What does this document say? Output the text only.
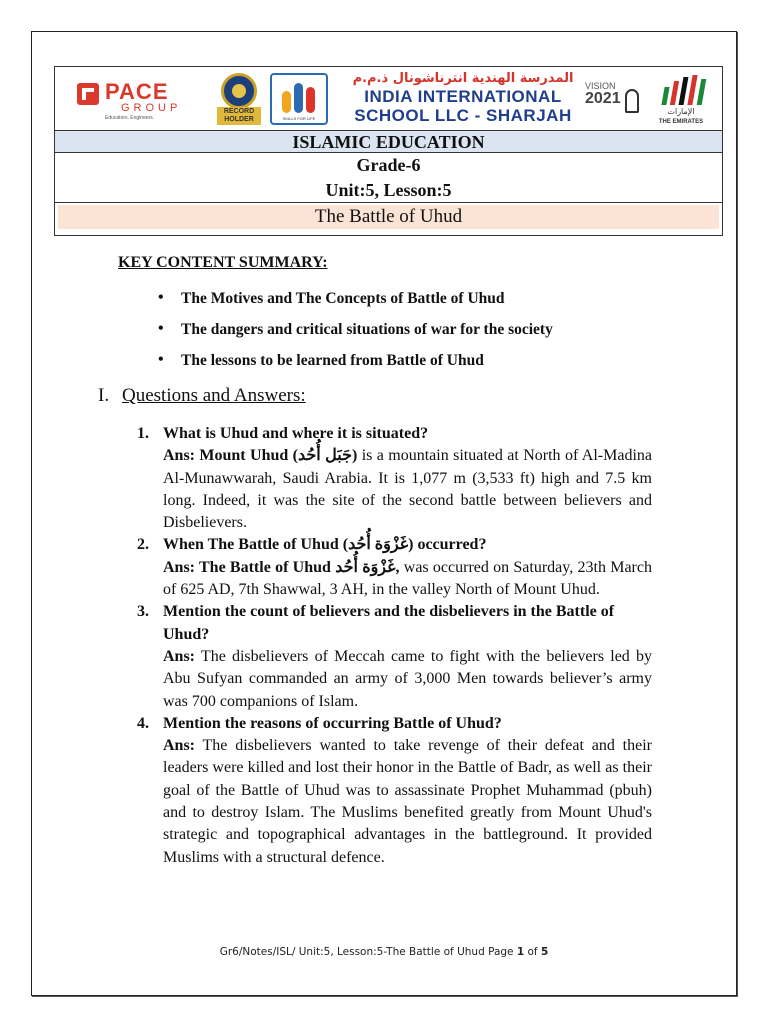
PACE
GROUP
Educators. Engineers.
RECORD
HOLDER	SKILLS FOR LIFE
المدرسة الهندية انترناشونال ذ.م.م
INDIA INTERNATIONAL
SCHOOL LLC - SHARJAH
VISION
2021
الإمارات
THE EMIRATES
ISLAMIC EDUCATION
Grade-6
Unit:5, Lesson:5
The Battle of Uhud
KEY CONTENT SUMMARY:
• The Motives and The Concepts of Battle of Uhud
• The dangers and critical situations of war for the society
• The lessons to be learned from Battle of Uhud
I. Questions and Answers:
1. What is Uhud and where it is situated?
Ans: Mount Uhud (جَبَل أُحُد) is a mountain situated at North of Al-Madina Al-Munawwarah, Saudi Arabia. It is 1,077 m (3,533 ft) high and 7.5 km long. Indeed, it was the site of the second battle between believers and Disbelievers.
2. When The Battle of Uhud (غَزْوَة أُحُد) occurred?
Ans: The Battle of Uhud غَزْوَة أُحُد, was occurred on Saturday, 23th March of 625 AD, 7th Shawwal, 3 AH, in the valley North of Mount Uhud.
3. Mention the count of believers and the disbelievers in the Battle of Uhud?
Ans: The disbelievers of Meccah came to fight with the believers led by Abu Sufyan commanded an army of 3,000 Men towards believer’s army was 700 companions of Islam.
4. Mention the reasons of occurring Battle of Uhud?
Ans: The disbelievers wanted to take revenge of their defeat and their leaders were killed and lost their honor in the Battle of Badr, as well as their goal of the Battle of Uhud was to assassinate Prophet Muhammad (pbuh) and to destroy Islam. The Muslims benefited greatly from Mount Uhud's strategic and topographical advantages in the battleground. It provided Muslims with a structural defence.
Gr6/Notes/ISL/ Unit:5, Lesson:5-The Battle of Uhud Page 1 of 5
